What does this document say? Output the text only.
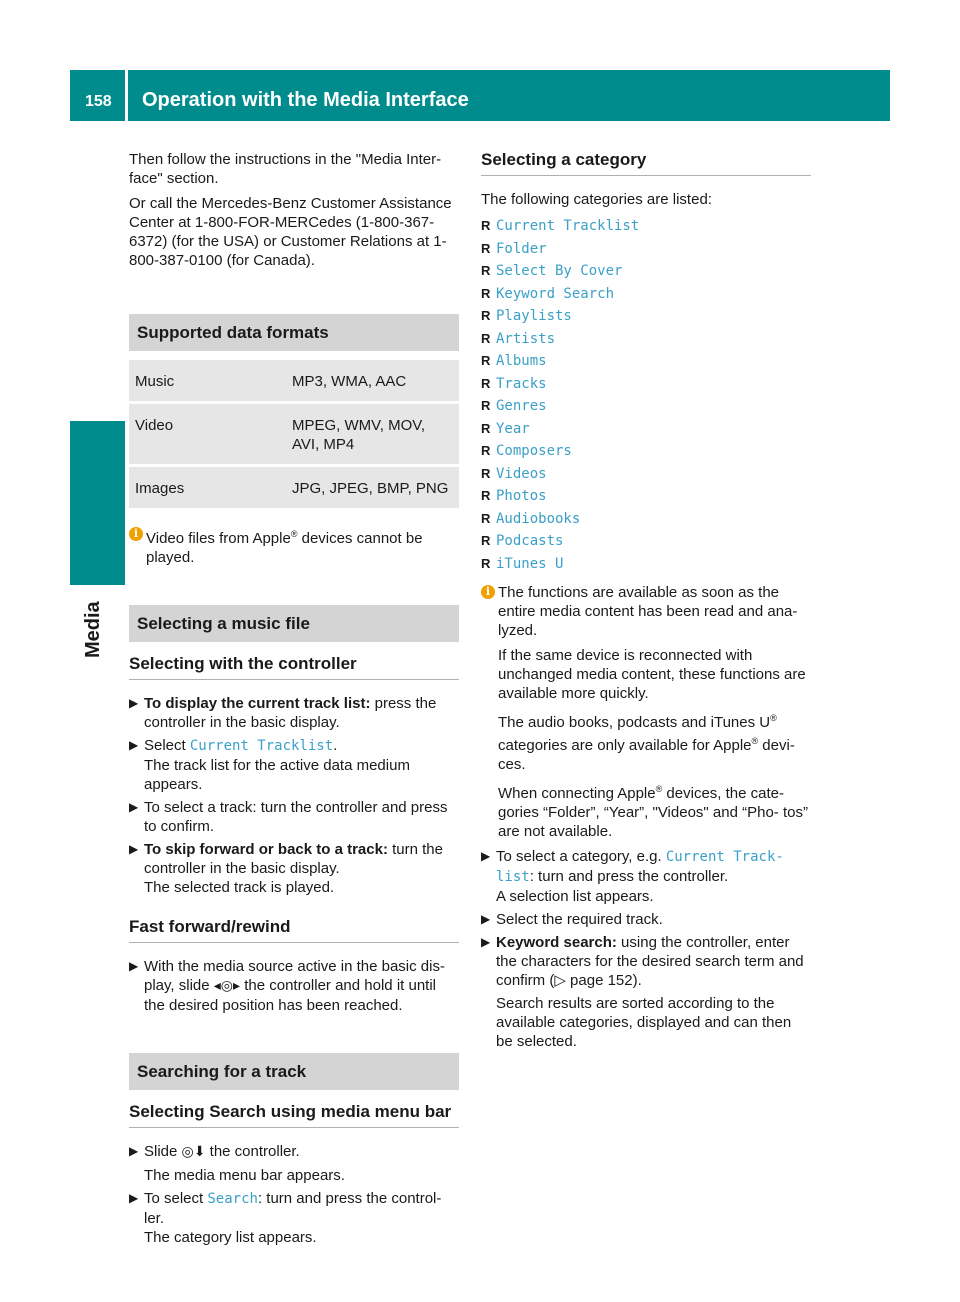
158	Operation with the Media Interface
Media

Then follow the instructions in the "Media Inter- face" section.

Or call the Mercedes-Benz Customer Assistance Center at 1-800-FOR-MERCedes (1-800-367-6372) (for the USA) or Customer Relations at 1-800-387-0100 (for Canada).

Supported data formats
Music	MP3, WMA, AAC
Video	MPEG, WMV, MOV, AVI, MP4
Images	JPG, JPEG, BMP, PNG
i Video files from Apple® devices cannot be played.
Selecting a music file
Selecting with the controller
▶ To display the current track list: press the controller in the basic display.
▶ Select Current Tracklist.
The track list for the active data medium appears.
▶ To select a track: turn the controller and press to confirm.
▶ To skip forward or back to a track: turn the controller in the basic display.
The selected track is played.
Fast forward/rewind
▶ With the media source active in the basic dis- play, slide ◂◎▸ the controller and hold it until the desired position has been reached.
Searching for a track
Selecting Search using media menu bar
▶ Slide ◎⬇ the controller.
The media menu bar appears.
▶ To select Search: turn and press the control- ler.
The category list appears.
Selecting a category

The following categories are listed:

R Current Tracklist
R Folder
R Select By Cover
R Keyword Search
R Playlists
R Artists
R Albums
R Tracks
R Genres
R Year
R Composers
R Videos
R Photos
R Audiobooks
R Podcasts
R iTunes U
i The functions are available as soon as the entire media content has been read and ana- lyzed.

If the same device is reconnected with unchanged media content, these functions are available more quickly.

The audio books, podcasts and iTunes U® categories are only available for Apple® devi- ces.

When connecting Apple® devices, the cate- gories “Folder”, “Year”, "Videos" and “Pho- tos” are not available.

▶ To select a category, e.g. Current Track‐ list: turn and press the controller.
A selection list appears.
▶ Select the required track.
▶ Keyword search: using the controller, enter the characters for the desired search term and confirm (▷ page 152).
Search results are sorted according to the available categories, displayed and can then be selected.
